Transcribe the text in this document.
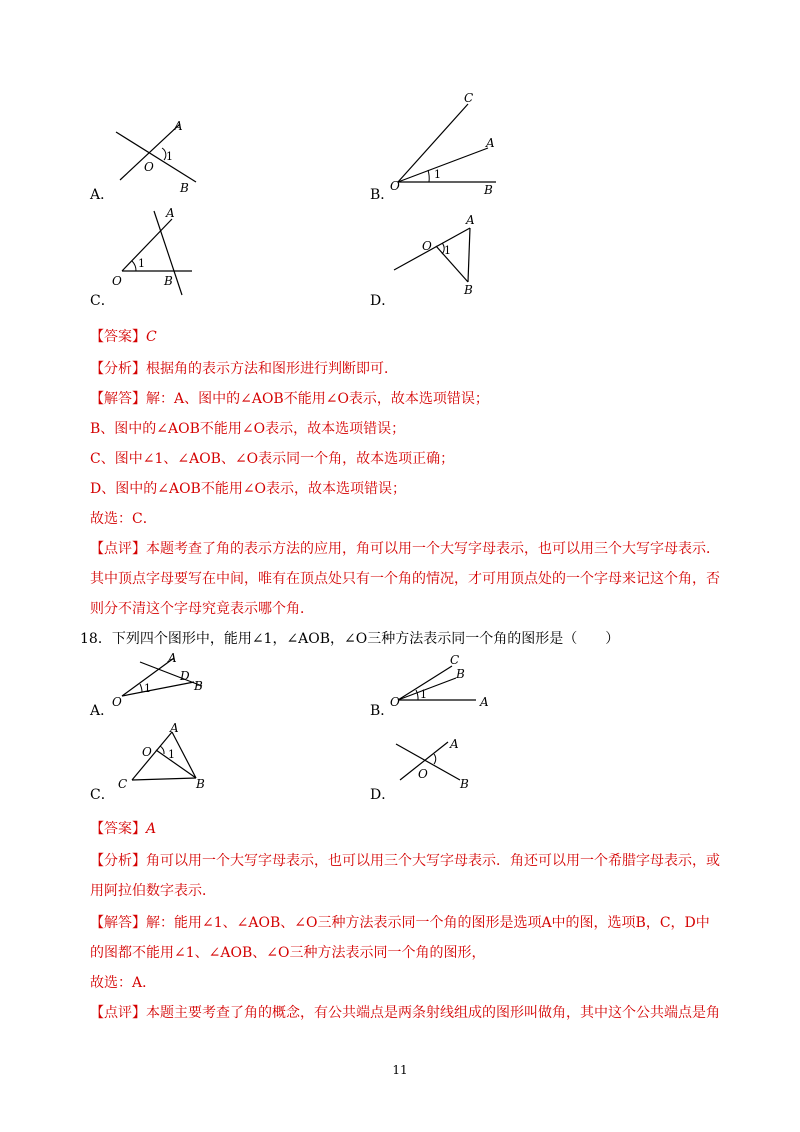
A
O
B
1
A．
C
A
O	B
1
B．
A
O	B
1
C．
A
O
B
1
D．
【答案】C
【分析】根据角的表示方法和图形进行判断即可．
【解答】解：A、图中的∠AOB不能用∠O表示，故本选项错误；
B、图中的∠AOB不能用∠O表示，故本选项错误；
C、图中∠1、∠AOB、∠O表示同一个角，故本选项正确；
D、图中的∠AOB不能用∠O表示，故本选项错误；
故选：C．
【点评】本题考查了角的表示方法的应用，角可以用一个大写字母表示，也可以用三个大写字母表示．
其中顶点字母要写在中间，唯有在顶点处只有一个角的情况，才可用顶点处的一个字母来记这个角，否
则分不清这个字母究竟表示哪个角．
18．下列四个图形中，能用∠1，∠AOB，∠O三种方法表示同一个角的图形是（　　）
A
O
D
B
1
A．
C
B
O	A
1
B．
A
O
C	B
1
C．
A
O
B
D．
【答案】A
【分析】角可以用一个大写字母表示，也可以用三个大写字母表示．角还可以用一个希腊字母表示，或
用阿拉伯数字表示．
【解答】解：能用∠1、∠AOB、∠O三种方法表示同一个角的图形是选项A中的图，选项B，C，D中
的图都不能用∠1、∠AOB、∠O三种方法表示同一个角的图形，
故选：A．
【点评】本题主要考查了角的概念，有公共端点是两条射线组成的图形叫做角，其中这个公共端点是角
11
